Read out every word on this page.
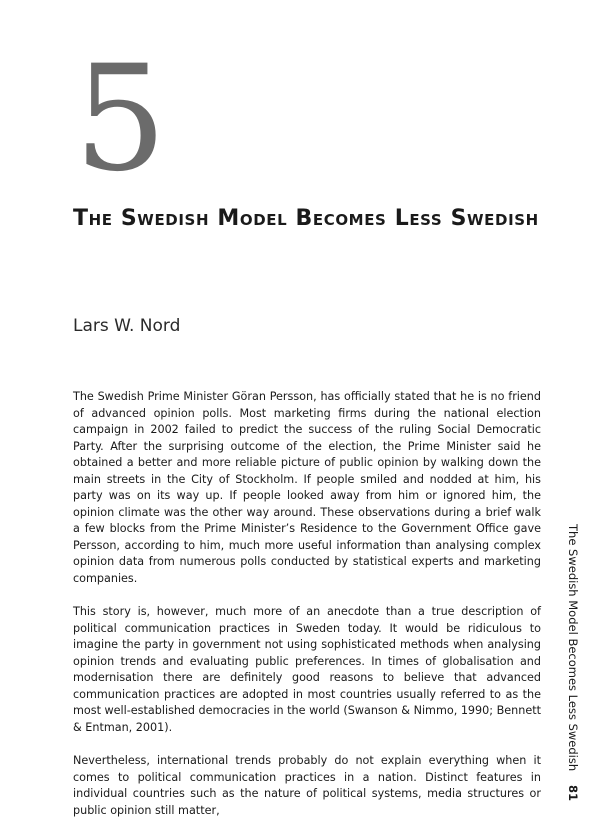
5
The Swedish Model Becomes Less Swedish
Lars W. Nord

The Swedish Prime Minister Göran Persson, has officially stated that he is no friend of advanced opinion polls. Most marketing firms during the national election campaign in 2002 failed to predict the success of the ruling Social Democratic Party. After the surprising outcome of the election, the Prime Minister said he obtained a better and more reliable picture of public opinion by walking down the main streets in the City of Stockholm. If people smiled and nodded at him, his party was on its way up. If people looked away from him or ignored him, the opinion climate was the other way around. These observations during a brief walk a few blocks from the Prime Minister’s Residence to the Government Office gave Persson, according to him, much more useful information than analysing complex opinion data from numerous polls conducted by statistical experts and marketing companies.

This story is, however, much more of an anecdote than a true description of political communication practices in Sweden today. It would be ridiculous to imagine the party in government not using sophisticated methods when analysing opinion trends and evaluating public preferences. In times of globalisation and modernisation there are definitely good reasons to believe that advanced communication practices are adopted in most countries usually referred to as the most well-established democracies in the world (Swanson & Nimmo, 1990; Bennett & Entman, 2001).

Nevertheless, international trends probably do not explain everything when it comes to political communication practices in a nation. Distinct features in individual countries such as the nature of political systems, media structures or public opinion still matter,

The Swedish Model Becomes Less Swedish 81
